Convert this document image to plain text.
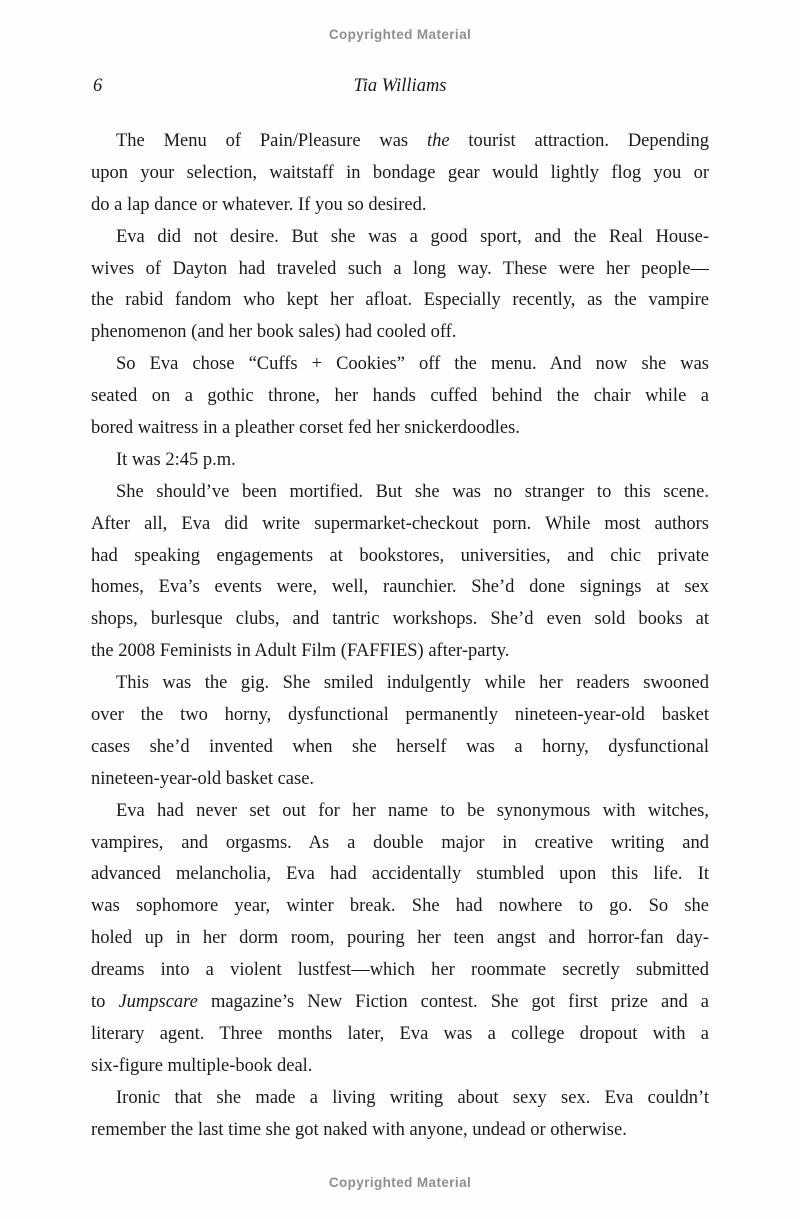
Copyrighted Material
6	Tia Williams
The Menu of Pain/Pleasure was the tourist attraction. Depending
upon your selection, waitstaff in bondage gear would lightly flog you or
do a lap dance or whatever. If you so desired.
Eva did not desire. But she was a good sport, and the Real House-
wives of Dayton had traveled such a long way. These were her people—
the rabid fandom who kept her afloat. Especially recently, as the vampire
phenomenon (and her book sales) had cooled off.
So Eva chose “Cuffs + Cookies” off the menu. And now she was
seated on a gothic throne, her hands cuffed behind the chair while a
bored waitress in a pleather corset fed her snickerdoodles.
It was 2:45 p.m.
She should’ve been mortified. But she was no stranger to this scene.
After all, Eva did write supermarket-checkout porn. While most authors
had speaking engagements at bookstores, universities, and chic private
homes, Eva’s events were, well, raunchier. She’d done signings at sex
shops, burlesque clubs, and tantric workshops. She’d even sold books at
the 2008 Feminists in Adult Film (FAFFIES) after-party.
This was the gig. She smiled indulgently while her readers swooned
over the two horny, dysfunctional permanently nineteen-year-old basket
cases she’d invented when she herself was a horny, dysfunctional
nineteen-year-old basket case.
Eva had never set out for her name to be synonymous with witches,
vampires, and orgasms. As a double major in creative writing and
advanced melancholia, Eva had accidentally stumbled upon this life. It
was sophomore year, winter break. She had nowhere to go. So she
holed up in her dorm room, pouring her teen angst and horror-fan day-
dreams into a violent lustfest—which her roommate secretly submitted
to Jumpscare magazine’s New Fiction contest. She got first prize and a
literary agent. Three months later, Eva was a college dropout with a
six-figure multiple-book deal.
Ironic that she made a living writing about sexy sex. Eva couldn’t
remember the last time she got naked with anyone, undead or otherwise.
Copyrighted Material
